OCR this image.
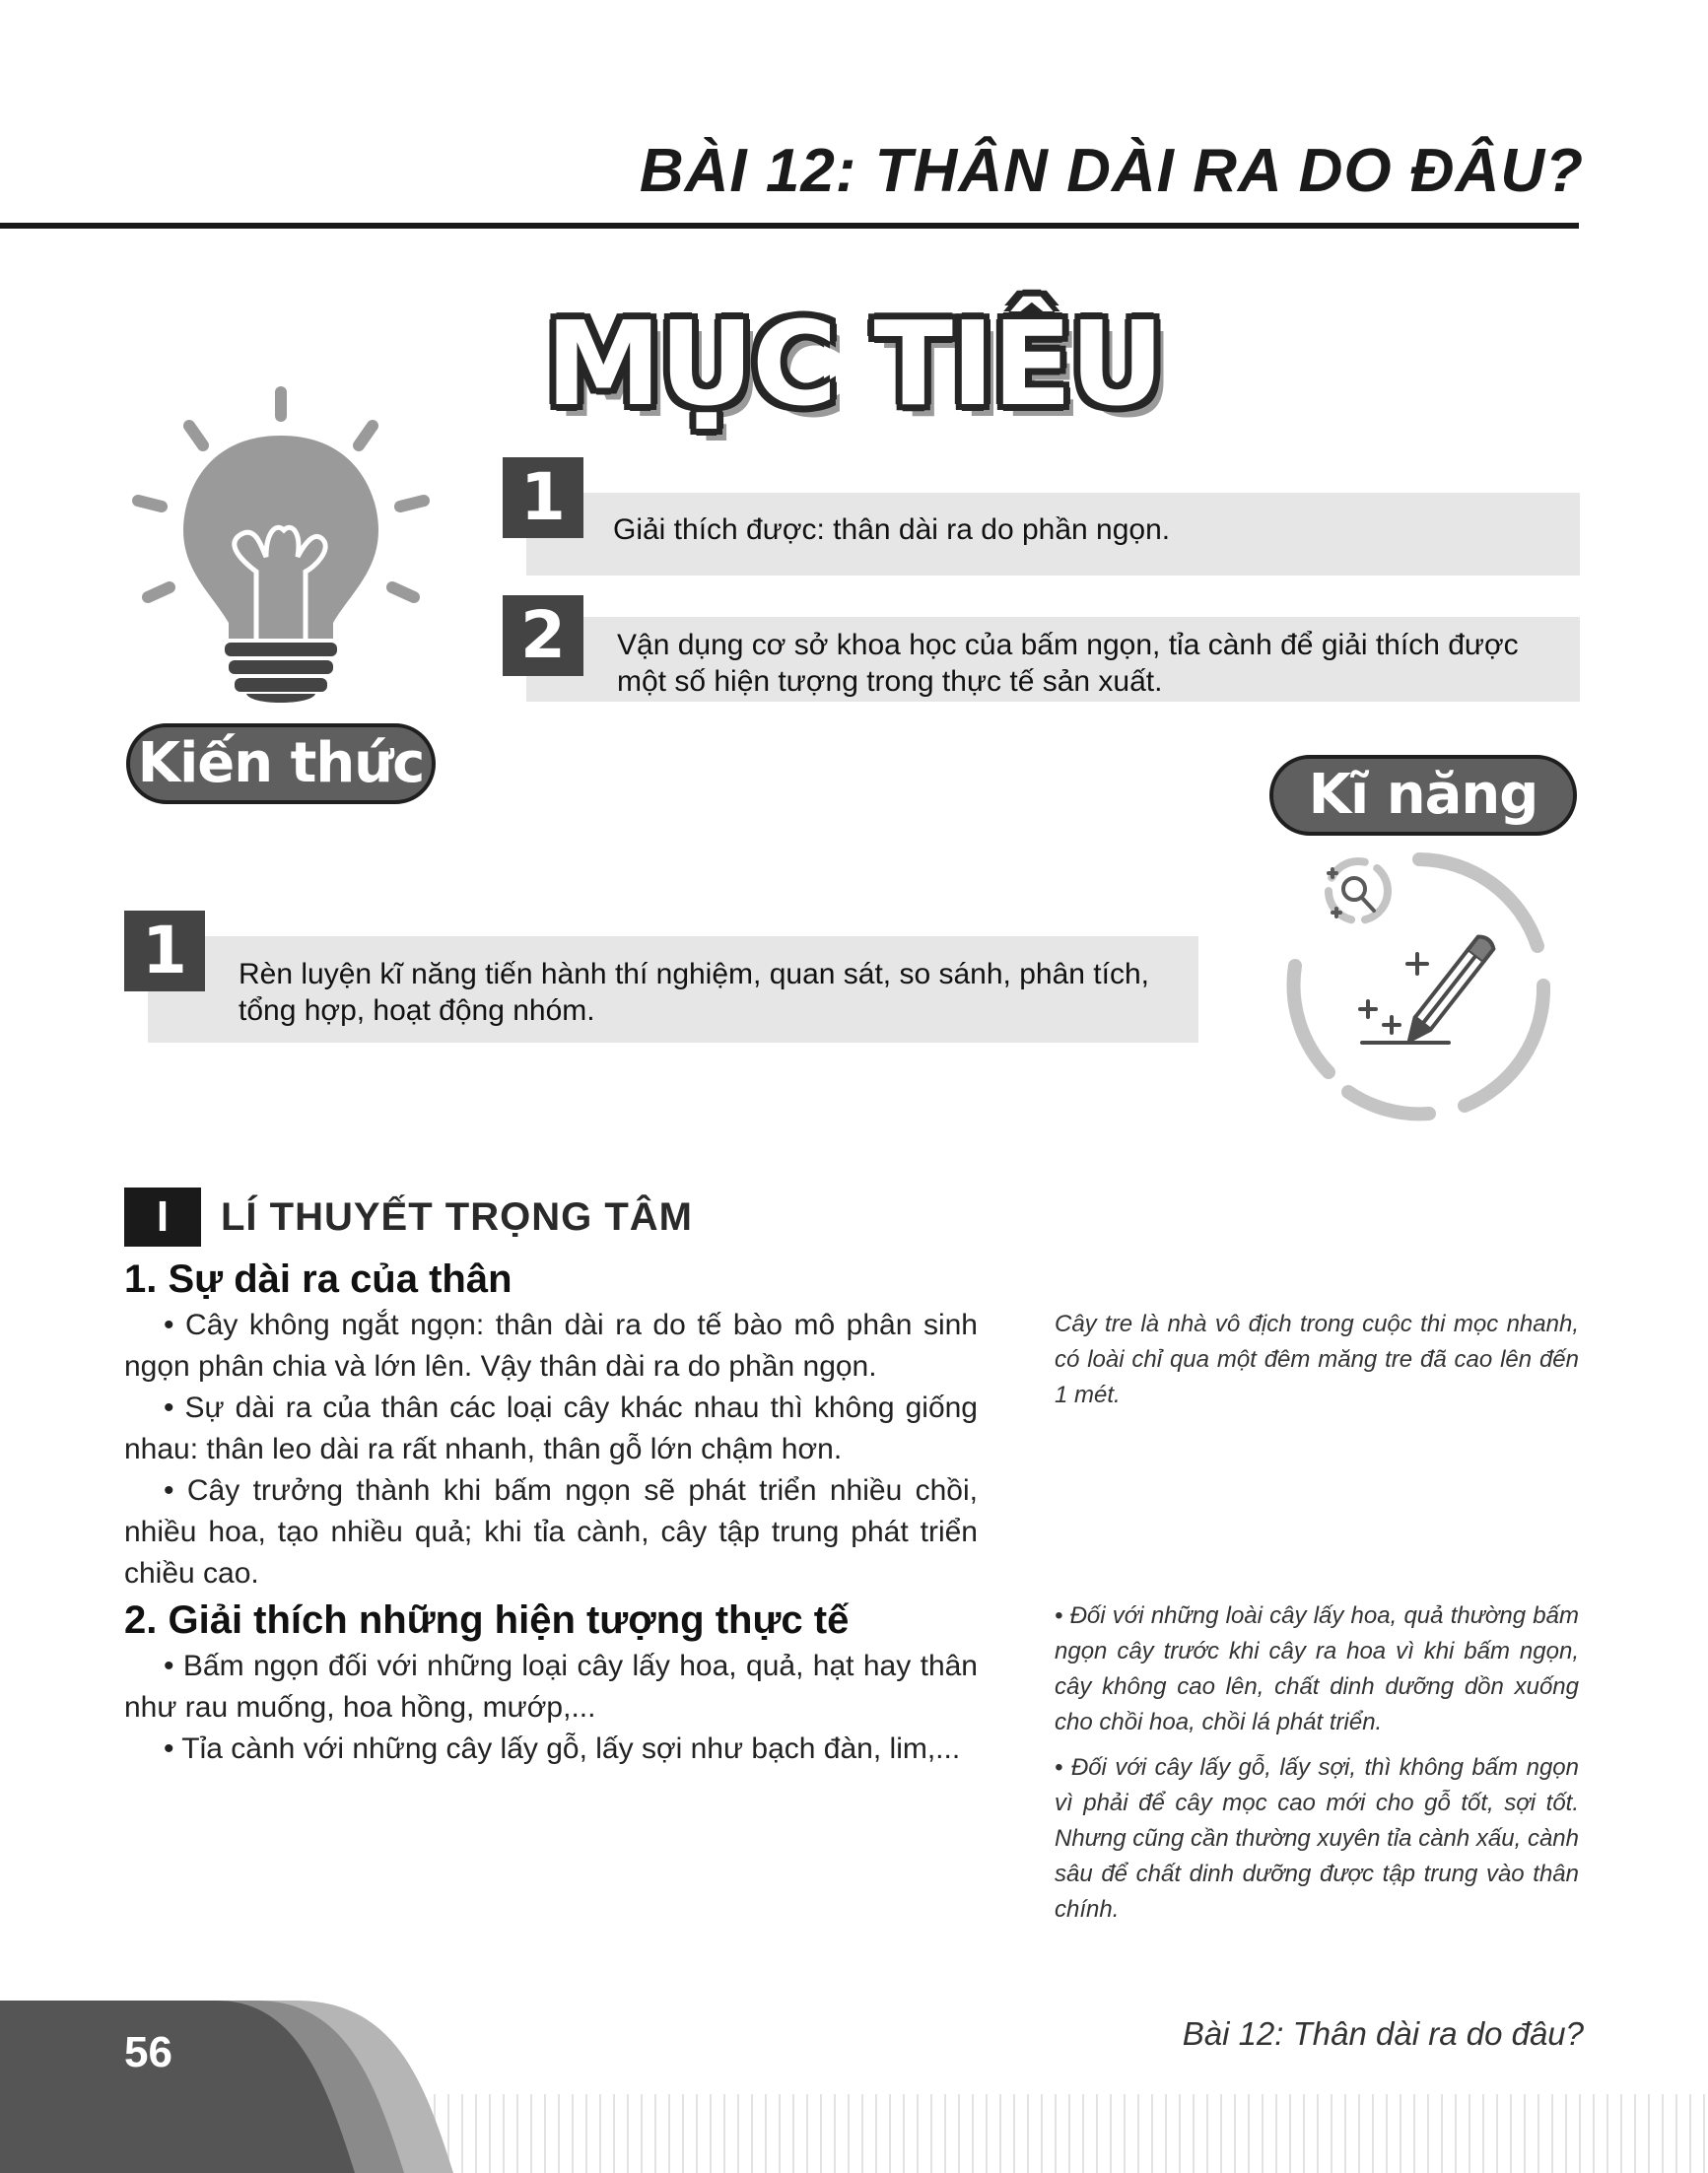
BÀI 12: THÂN DÀI RA DO ĐÂU?
MỤC TIÊU
Kiến thức
1	Giải thích được: thân dài ra do phần ngọn.
2	Vận dụng cơ sở khoa học của bấm ngọn, tỉa cành để giải thích được một số hiện tượng trong thực tế sản xuất.
Kĩ năng
1	Rèn luyện kĩ năng tiến hành thí nghiệm, quan sát, so sánh, phân tích, tổng hợp, hoạt động nhóm.
I	LÍ THUYẾT TRỌNG TÂM
1. Sự dài ra của thân

• Cây không ngắt ngọn: thân dài ra do tế bào mô phân sinh ngọn phân chia và lớn lên. Vậy thân dài ra do phần ngọn.

• Sự dài ra của thân các loại cây khác nhau thì không giống nhau: thân leo dài ra rất nhanh, thân gỗ lớn chậm hơn.

• Cây trưởng thành khi bấm ngọn sẽ phát triển nhiều chồi, nhiều hoa, tạo nhiều quả; khi tỉa cành, cây tập trung phát triển chiều cao.

Cây tre là nhà vô địch trong cuộc thi mọc nhanh, có loài chỉ qua một đêm măng tre đã cao lên đến 1 mét.

2. Giải thích những hiện tượng thực tế

• Bấm ngọn đối với những loại cây lấy hoa, quả, hạt hay thân như rau muống, hoa hồng, mướp,...

• Tỉa cành với những cây lấy gỗ, lấy sợi như bạch đàn, lim,...

• Đối với những loài cây lấy hoa, quả thường bấm ngọn cây trước khi cây ra hoa vì khi bấm ngọn, cây không cao lên, chất dinh dưỡng dồn xuống cho chồi hoa, chồi lá phát triển.

• Đối với cây lấy gỗ, lấy sợi, thì không bấm ngọn vì phải để cây mọc cao mới cho gỗ tốt, sợi tốt. Nhưng cũng cần thường xuyên tỉa cành xấu, cành sâu để chất dinh dưỡng được tập trung vào thân chính.

56	Bài 12: Thân dài ra do đâu?
